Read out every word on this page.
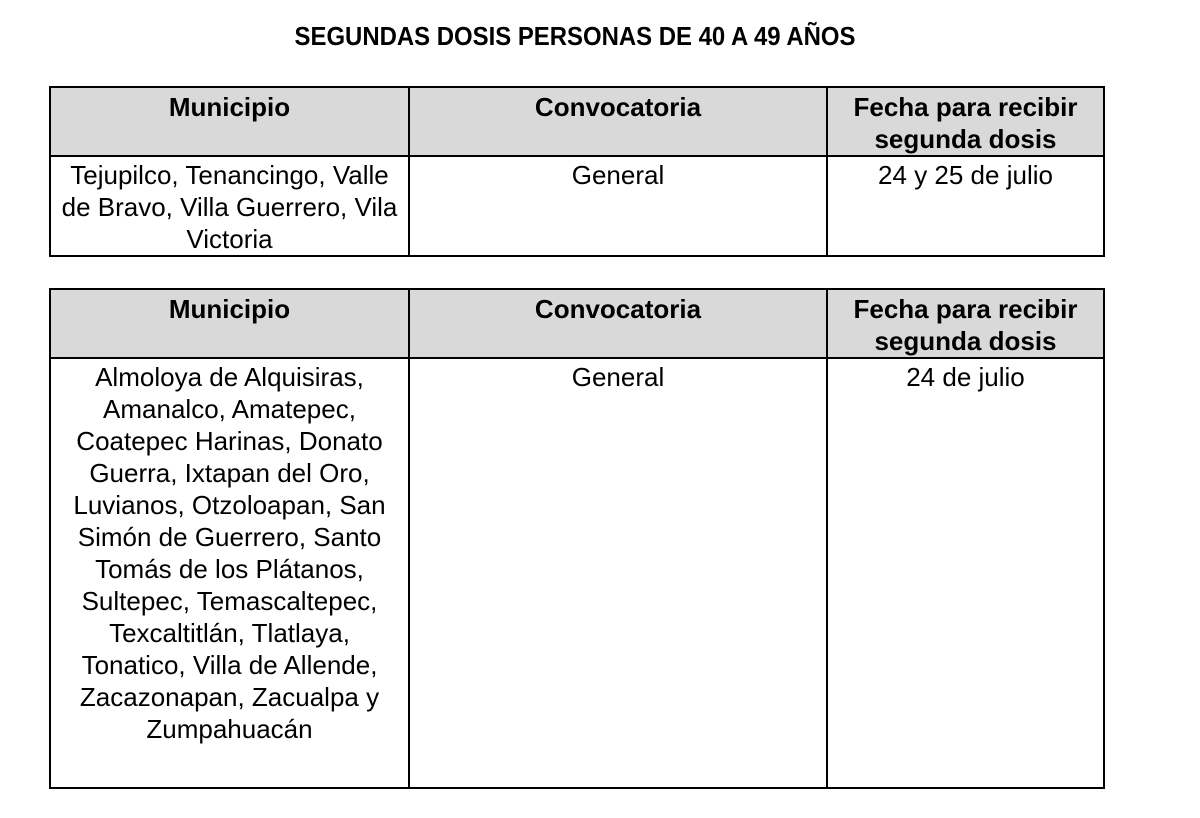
SEGUNDAS DOSIS PERSONAS DE 40 A 49 AÑOS
Municipio	Convocatoria	Fecha para recibir segunda dosis

Tejupilco, Tenancingo, Valle de Bravo, Villa Guerrero, Vila Victoria	General	24 y 25 de julio
Municipio	Convocatoria	Fecha para recibir segunda dosis

Almoloya de Alquisiras, Amanalco, Amatepec, Coatepec Harinas, Donato Guerra, Ixtapan del Oro, Luvianos, Otzoloapan, San Simón de Guerrero, Santo Tomás de los Plátanos, Sultepec, Temascaltepec, Texcaltitlán, Tlatlaya, Tonatico, Villa de Allende, Zacazonapan, Zacualpa y Zumpahuacán	General	24 de julio
